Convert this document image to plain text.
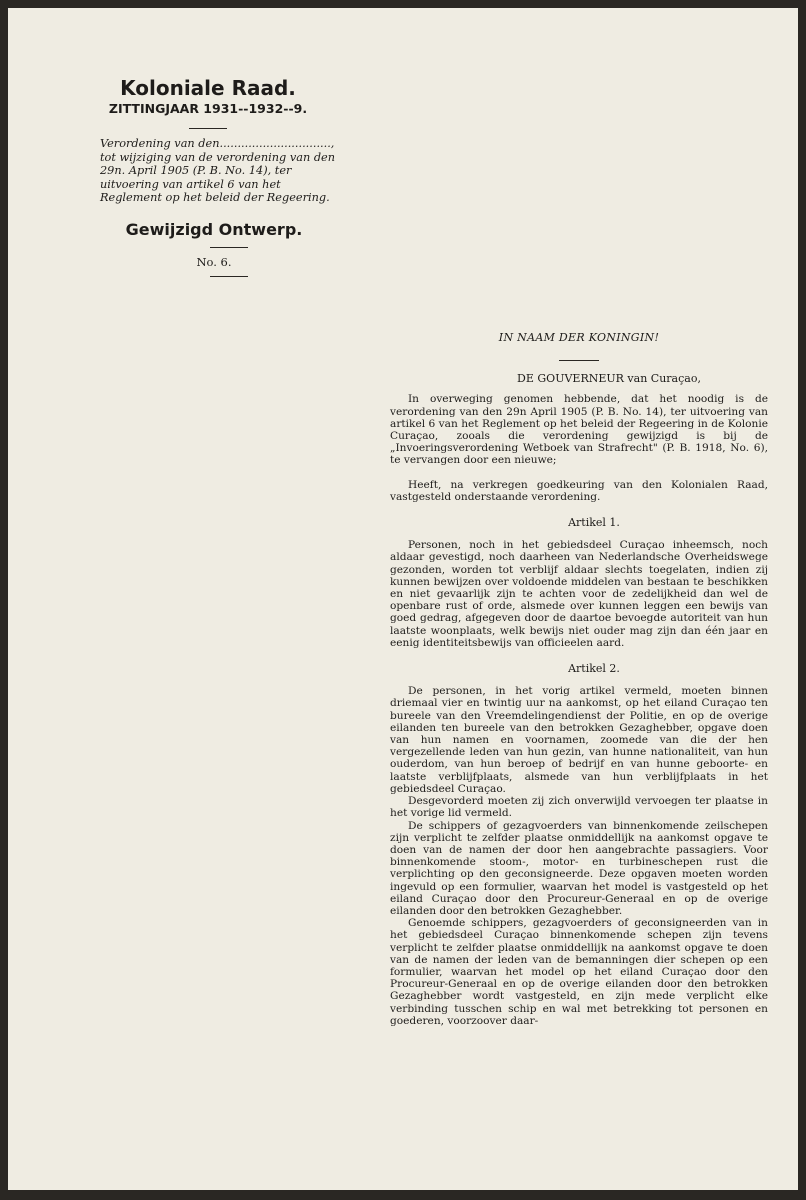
Koloniale Raad.
ZITTINGJAAR 1931--1932--9.
Verordening van den..............................., tot wijziging van de verordening van den 29n. April 1905 (P. B. No. 14), ter uitvoering van artikel 6 van het Reglement op het beleid der Regeering.
Gewijzigd Ontwerp.
No. 6.
IN NAAM DER KONINGIN!
DE GOUVERNEUR van Curaçao,

In overweging genomen hebbende, dat het noodig is de verordening van den 29n April 1905 (P. B. No. 14), ter uitvoering van artikel 6 van het Reglement op het beleid der Regeering in de Kolonie Curaçao, zooals die verordening gewijzigd is bij de „Invoeringsverordening Wetboek van Strafrecht" (P. B. 1918, No. 6), te vervangen door een nieuwe;

Heeft, na verkregen goedkeuring van den Kolonialen Raad, vastgesteld onderstaande verordening.

Artikel 1.

Personen, noch in het gebiedsdeel Curaçao inheemsch, noch aldaar gevestigd, noch daarheen van Nederlandsche Overheidswege gezonden, worden tot verblijf aldaar slechts toegelaten, indien zij kunnen bewijzen over voldoende middelen van bestaan te beschikken en niet gevaarlijk zijn te achten voor de zedelijkheid dan wel de openbare rust of orde, alsmede over kunnen leggen een bewijs van goed gedrag, afgegeven door de daartoe bevoegde autoriteit van hun laatste woonplaats, welk bewijs niet ouder mag zijn dan één jaar en eenig identiteitsbewijs van officieelen aard.

Artikel 2.

De personen, in het vorig artikel vermeld, moeten binnen driemaal vier en twintig uur na aankomst, op het eiland Curaçao ten bureele van den Vreemdelingendienst der Politie, en op de overige eilanden ten bureele van den betrokken Gezaghebber, opgave doen van hun namen en voornamen, zoomede van die der hen vergezellende leden van hun gezin, van hunne nationaliteit, van hun ouderdom, van hun beroep of bedrijf en van hunne geboorte- en laatste verblijfplaats, alsmede van hun verblijfplaats in het gebiedsdeel Curaçao.

Desgevorderd moeten zij zich onverwijld vervoegen ter plaatse in het vorige lid vermeld.

De schippers of gezagvoerders van binnenkomende zeilschepen zijn verplicht te zelfder plaatse onmiddellijk na aankomst opgave te doen van de namen der door hen aangebrachte passagiers. Voor binnenkomende stoom-, motor- en turbineschepen rust die verplichting op den geconsigneerde. Deze opgaven moeten worden ingevuld op een formulier, waarvan het model is vastgesteld op het eiland Curaçao door den Procureur-Generaal en op de overige eilanden door den betrokken Gezaghebber.

Genoemde schippers, gezagvoerders of geconsigneerden van in het gebiedsdeel Curaçao binnenkomende schepen zijn tevens verplicht te zelfder plaatse onmiddellijk na aankomst opgave te doen van de namen der leden van de bemanningen dier schepen op een formulier, waarvan het model op het eiland Curaçao door den Procureur-Generaal en op de overige eilanden door den betrokken Gezaghebber wordt vastgesteld, en zijn mede verplicht elke verbinding tusschen schip en wal met betrekking tot personen en goederen, voorzoover daar-
